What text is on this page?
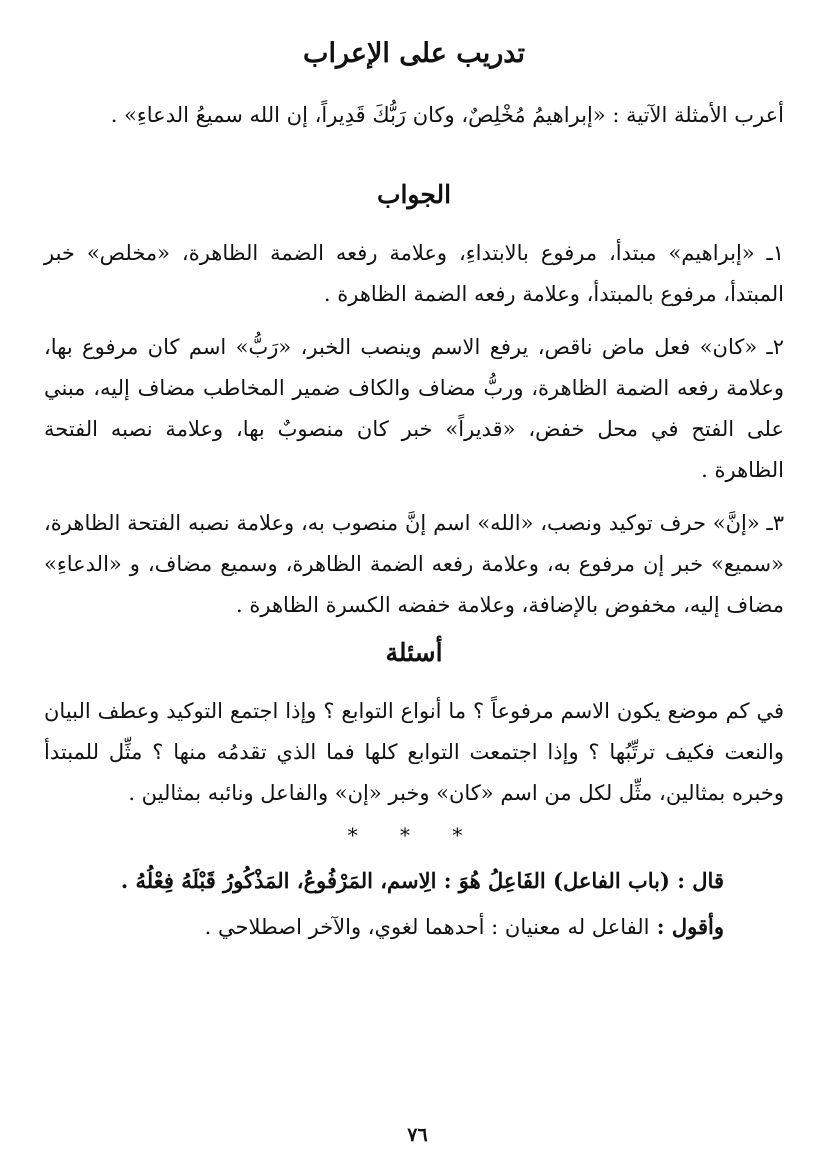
تدريب على الإعراب

أعرب الأمثلة الآتية : «إبراهيمُ مُخْلِصٌ، وكان رَبُّكَ قَدِيراً، إن الله سميعُ الدعاءِ» .

الجواب

١ـ «إبراهيم» مبتدأ، مرفوع بالابتداءِ، وعلامة رفعه الضمة الظاهرة، «مخلص» خبر المبتدأ، مرفوع بالمبتدأ، وعلامة رفعه الضمة الظاهرة .

٢ـ «كان» فعل ماض ناقص، يرفع الاسم وينصب الخبر، «رَبُّ» اسم كان مرفوع بها، وعلامة رفعه الضمة الظاهرة، وربُّ مضاف والكاف ضمير المخاطب مضاف إليه، مبني على الفتح في محل خفض، «قديراً» خبر كان منصوبٌ بها، وعلامة نصبه الفتحة الظاهرة .

٣ـ «إنَّ» حرف توكيد ونصب، «الله» اسم إنَّ منصوب به، وعلامة نصبه الفتحة الظاهرة، «سميع» خبر إن مرفوع به، وعلامة رفعه الضمة الظاهرة، وسميع مضاف، و «الدعاءِ» مضاف إليه، مخفوض بالإضافة، وعلامة خفضه الكسرة الظاهرة .

أسئلة

في كم موضع يكون الاسم مرفوعاً ؟ ما أنواع التوابع ؟ وإذا اجتمع التوكيد وعطف البيان والنعت فكيف ترتِّبُها ؟ وإذا اجتمعت التوابع كلها فما الذي تقدمُه منها ؟ مثِّل للمبتدأ وخبره بمثالين، مثِّل لكل من اسم «كان» وخبر «إن» والفاعل ونائبه بمثالين .

* * *

قال : (باب الفاعل) الفَاعِلُ هُوَ : الِاسم، المَرْفُوعُ، المَذْكُورُ قَبْلَهُ فِعْلُهُ .

وأقول : الفاعل له معنيان : أحدهما لغوي، والآخر اصطلاحي .

٧٦
